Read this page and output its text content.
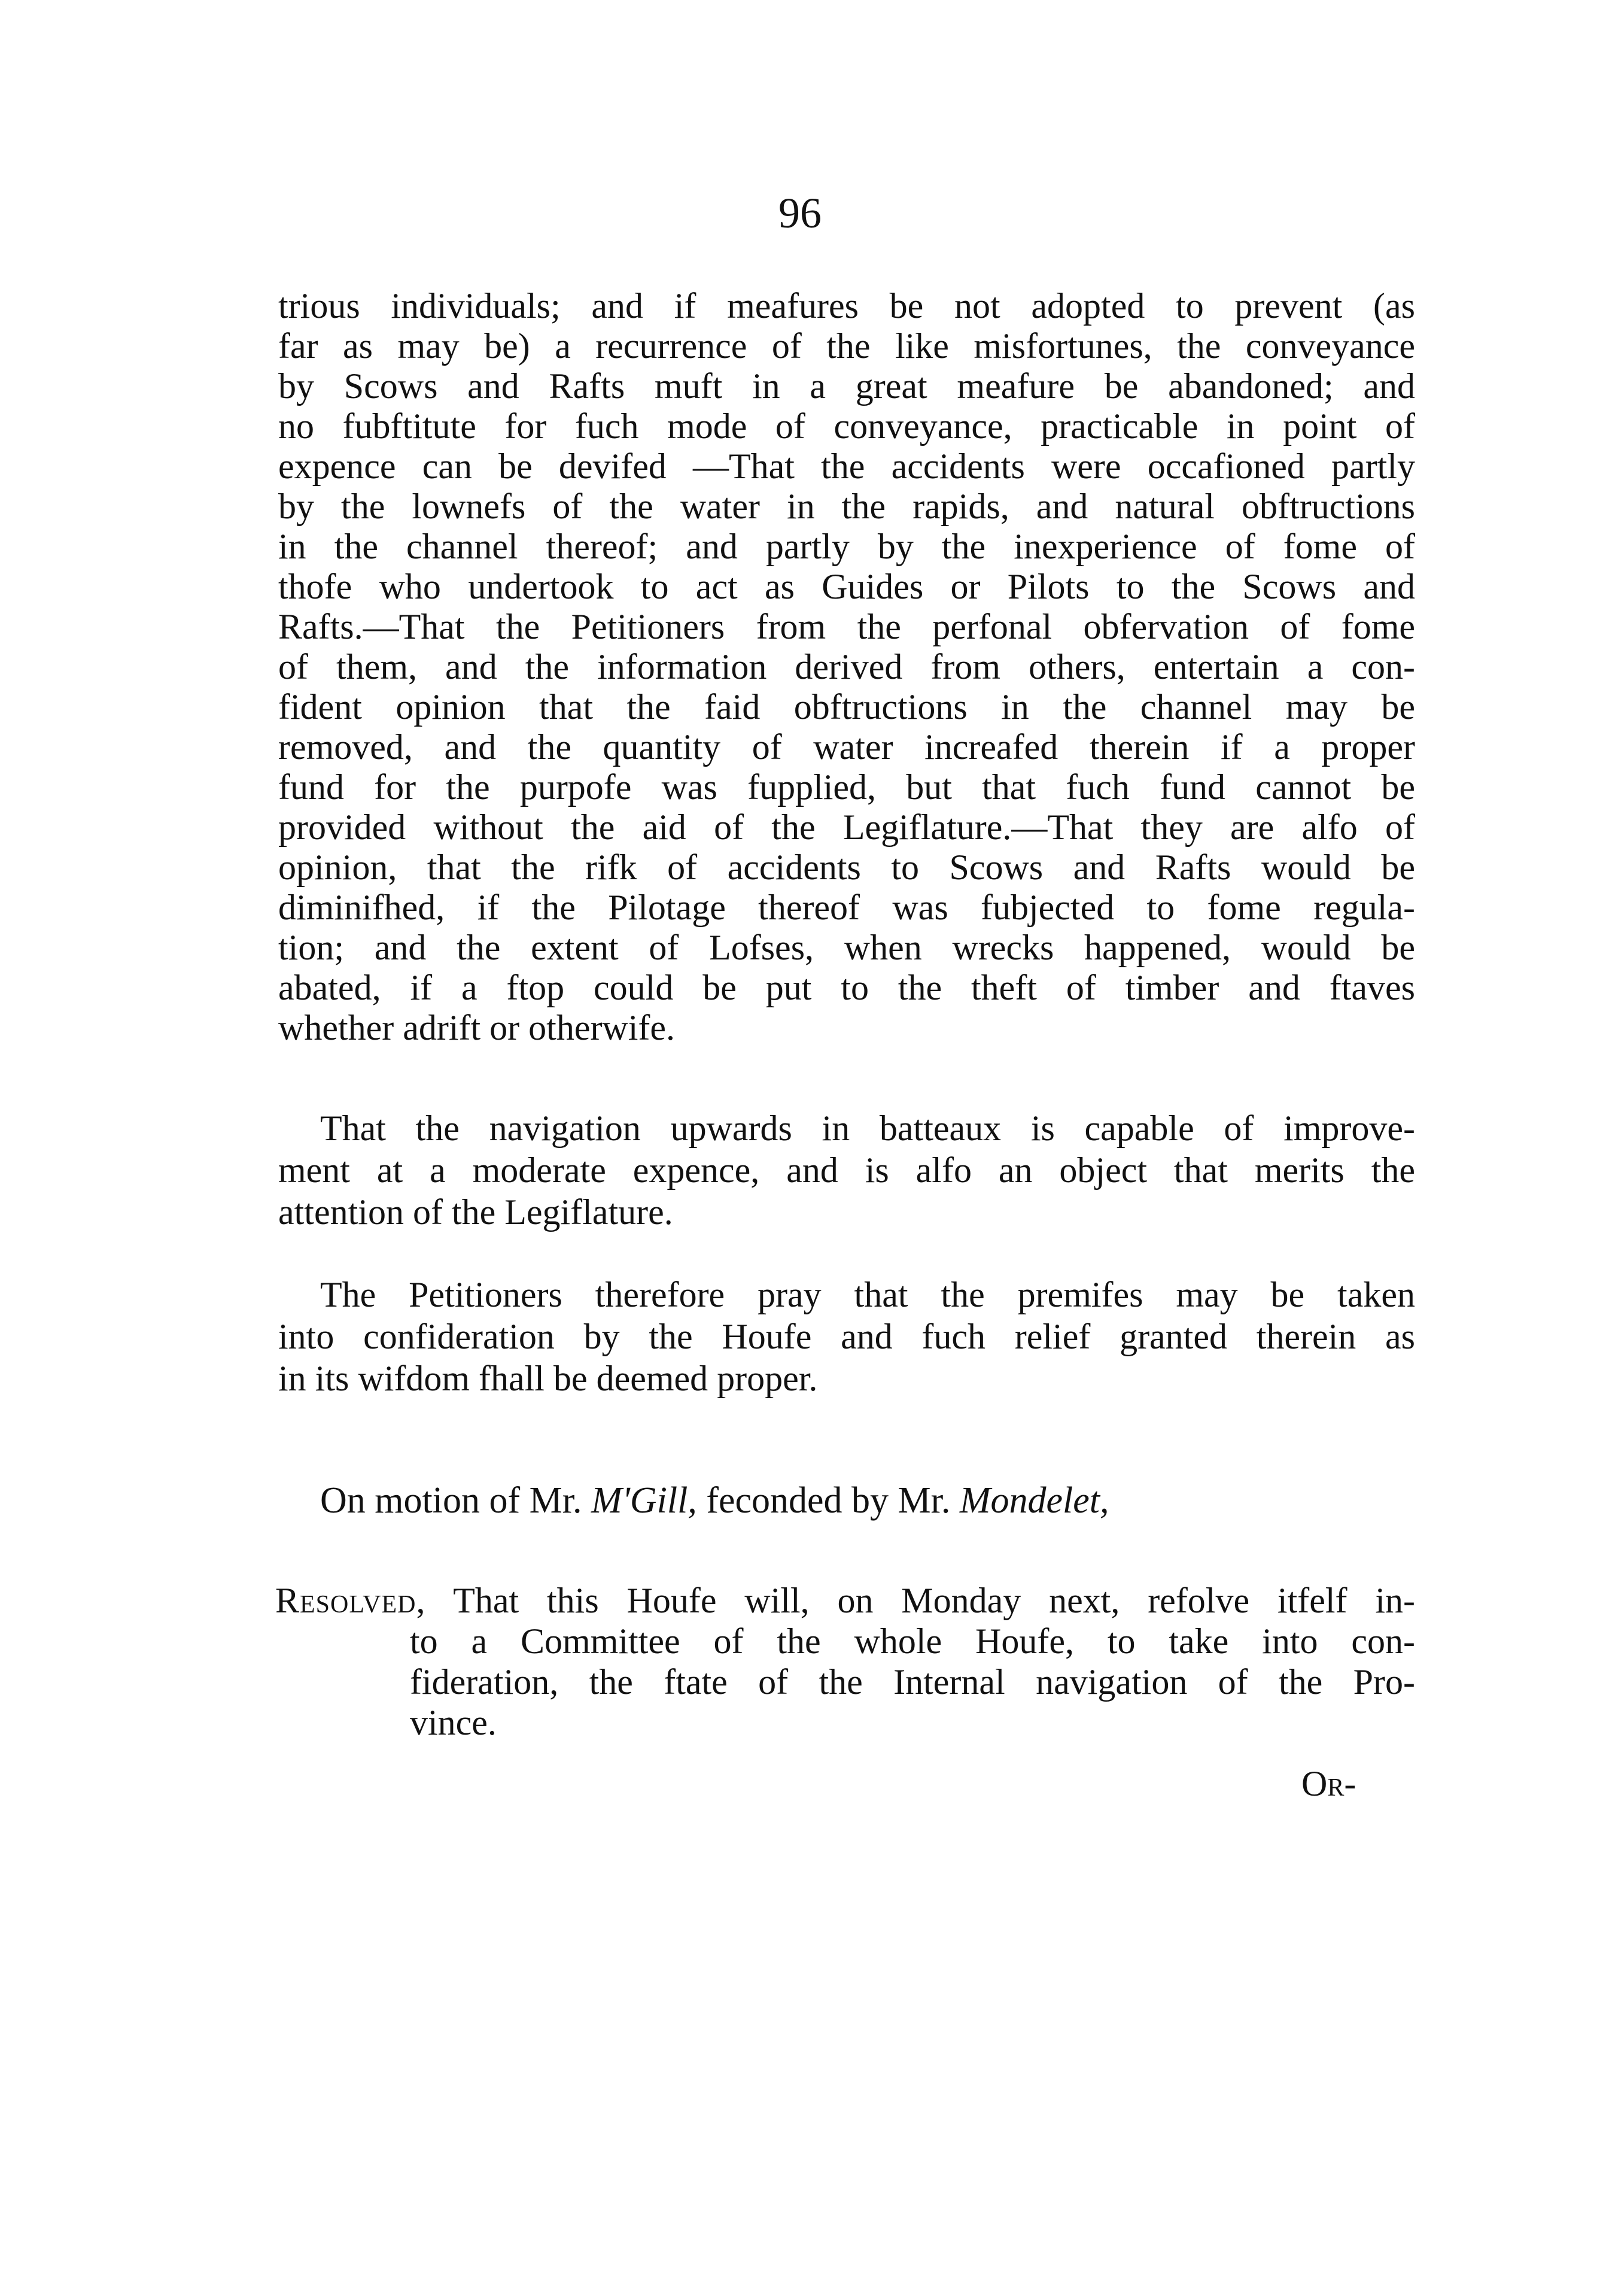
96
trious individuals; and if meafures be not adopted to prevent (as
far as may be) a recurrence of the like misfortunes, the conveyance
by Scows and Rafts muft in a great meafure be abandoned; and
no fubftitute for fuch mode of conveyance, practicable in point of
expence can be devifed —That the accidents were occafioned partly
by the lownefs of the water in the rapids, and natural obftructions
in the channel thereof; and partly by the inexperience of fome of
thofe who undertook to act as Guides or Pilots to the Scows and
Rafts.—That the Petitioners from the perfonal obfervation of fome
of them, and the information derived from others, entertain a con-
fident opinion that the faid obftructions in the channel may be
removed, and the quantity of water increafed therein if a proper
fund for the purpofe was fupplied, but that fuch fund cannot be
provided without the aid of the Legiflature.—That they are alfo of
opinion, that the rifk of accidents to Scows and Rafts would be
diminifhed, if the Pilotage thereof was fubjected to fome regula-
tion; and the extent of Lofses, when wrecks happened, would be
abated, if a ftop could be put to the theft of timber and ftaves
whether adrift or otherwife.
That the navigation upwards in batteaux is capable of improve-
ment at a moderate expence, and is alfo an object that merits the
attention of the Legiflature.
The Petitioners therefore pray that the premifes may be taken
into confideration by the Houfe and fuch relief granted therein as
in its wifdom fhall be deemed proper.
On motion of Mr. M'Gill, feconded by Mr. Mondelet,
Resolved, That this Houfe will, on Monday next, refolve itfelf in-
to a Committee of the whole Houfe, to take into con-
fideration, the ftate of the Internal navigation of the Pro-
vince.
Or-
